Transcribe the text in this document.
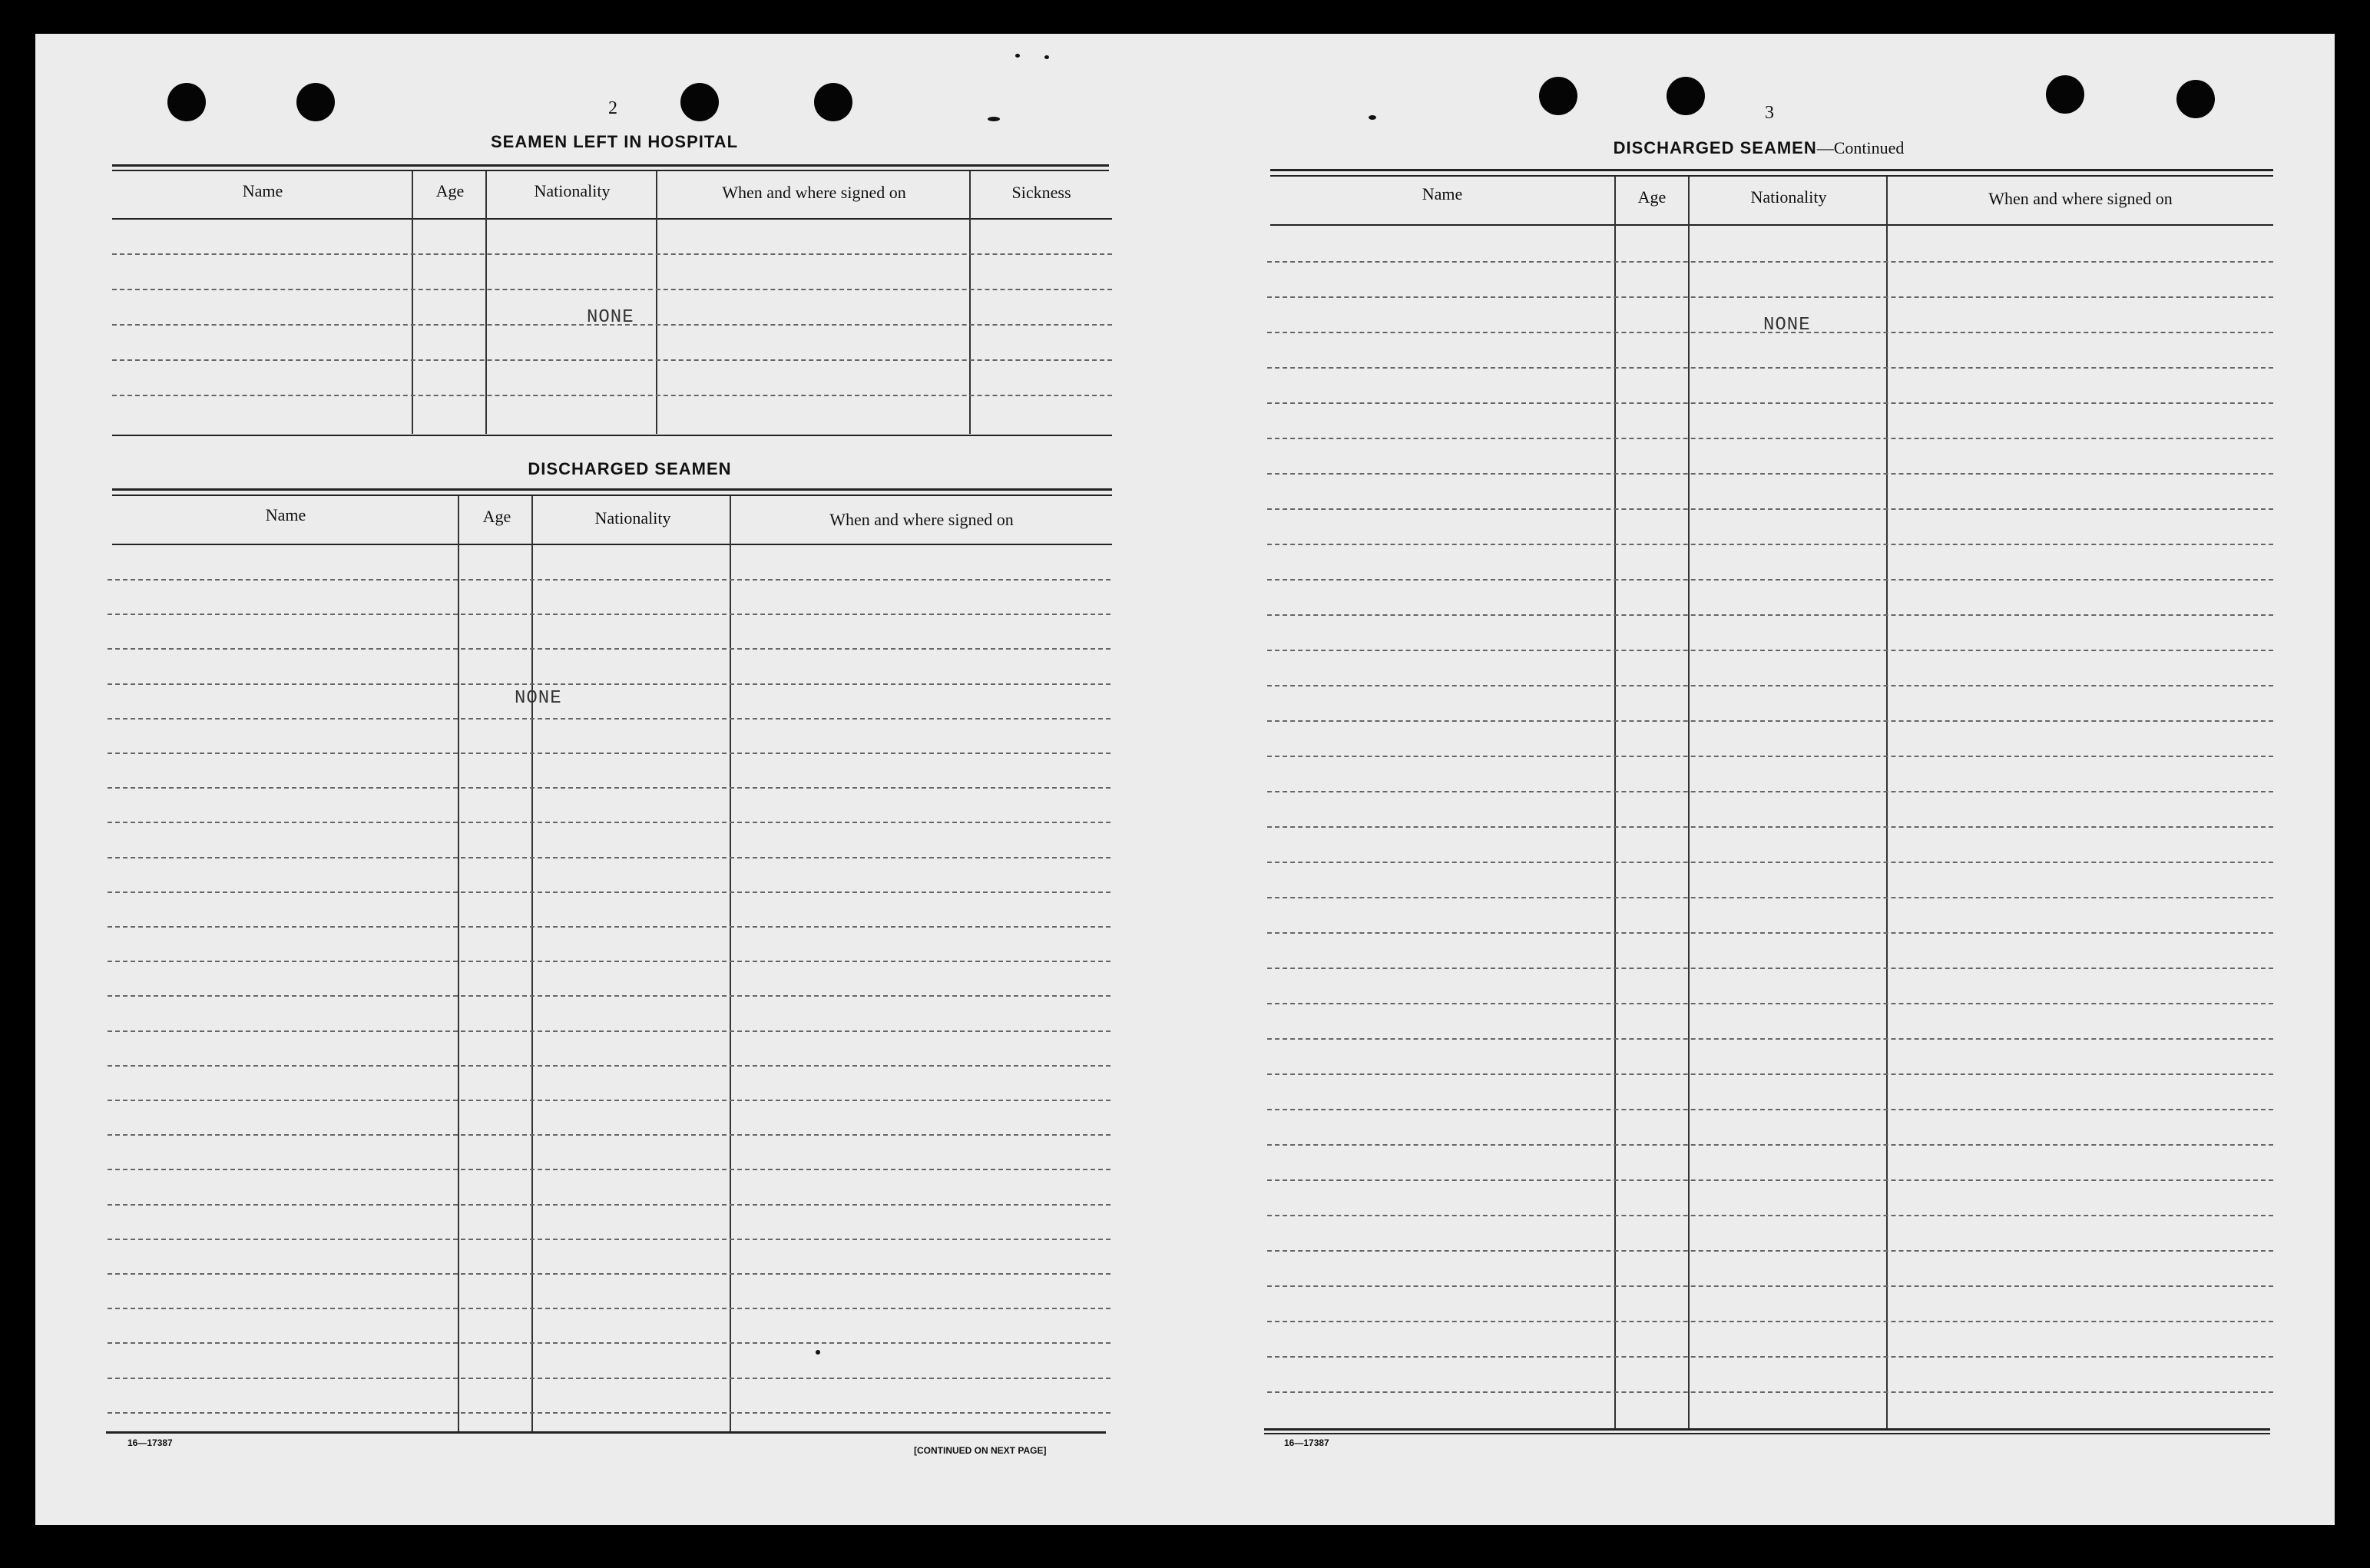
2
SEAMEN LEFT IN HOSPITAL
Name	Age	Nationality	When and where signed on	Sickness
NONE
DISCHARGED SEAMEN
Name	Age	Nationality	When and where signed on
NONE
16—17387
[CONTINUED ON NEXT PAGE]
3
DISCHARGED SEAMEN—Continued
Name	Age	Nationality	When and where signed on
NONE
16—17387
